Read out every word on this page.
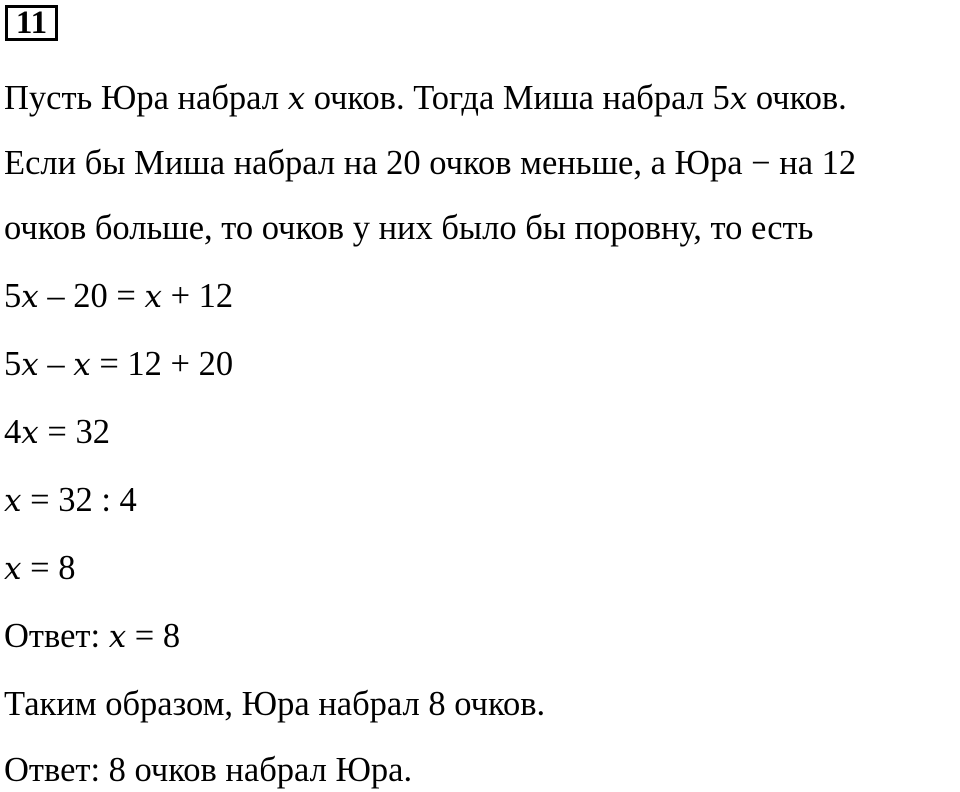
11
Пусть Юра набрал x очков. Тогда Миша набрал 5x очков.
Если бы Миша набрал на 20 очков меньше, а Юра − на 12
очков больше, то очков у них было бы поровну, то есть
5x – 20 = x + 12
5x – x = 12 + 20
4x = 32
x = 32 : 4
x = 8
Ответ: x = 8
Таким образом, Юра набрал 8 очков.
Ответ: 8 очков набрал Юра.
